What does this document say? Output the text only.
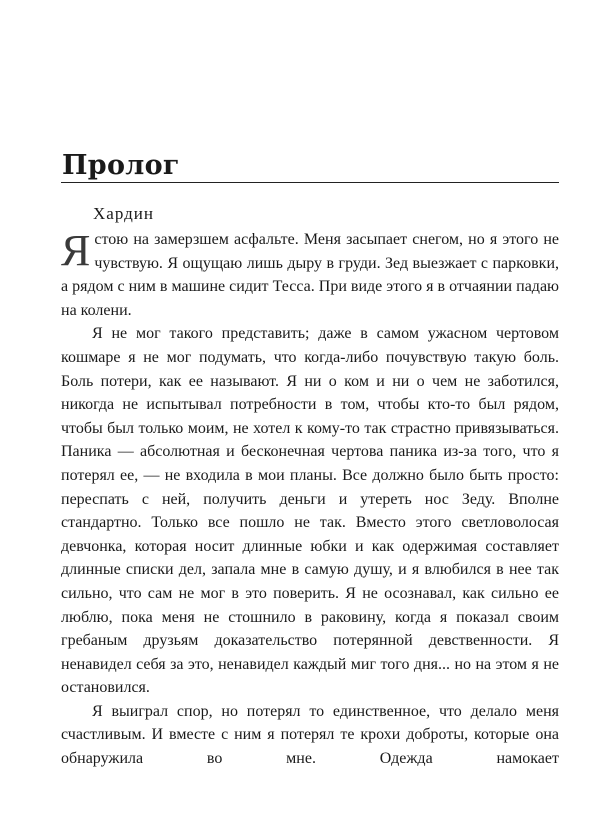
Пролог
Хардин

Ястою на замерзшем асфальте. Меня засыпает снегом, но я этого не чувствую. Я ощущаю лишь дыру в груди. Зед выезжает с парковки, а рядом с ним в машине сидит Тесса. При виде этого я в отчаянии падаю на колени.

Я не мог такого представить; даже в самом ужасном чертовом кошмаре я не мог подумать, что когда-либо почувствую такую боль. Боль потери, как ее называют. Я ни о ком и ни о чем не заботился, никогда не испытывал потребности в том, чтобы кто-то был рядом, чтобы был только моим, не хотел к кому-то так страстно привязываться. Паника — абсолютная и бесконечная чертова паника из-за того, что я потерял ее, — не входила в мои планы. Все должно было быть просто: переспать с ней, получить деньги и утереть нос Зеду. Вполне стандартно. Только все пошло не так. Вместо этого светловолосая девчонка, которая носит длинные юбки и как одержимая составляет длинные списки дел, запала мне в самую душу, и я влюбился в нее так сильно, что сам не мог в это поверить. Я не осознавал, как сильно ее люблю, пока меня не стошнило в раковину, когда я показал своим гребаным друзьям доказательство потерянной девственности. Я ненавидел себя за это, ненавидел каждый миг того дня... но на этом я не остановился.

Я выиграл спор, но потерял то единственное, что делало меня счастливым. И вместе с ним я потерял те крохи доброты, которые она обнаружила во мне. Одежда намокает
